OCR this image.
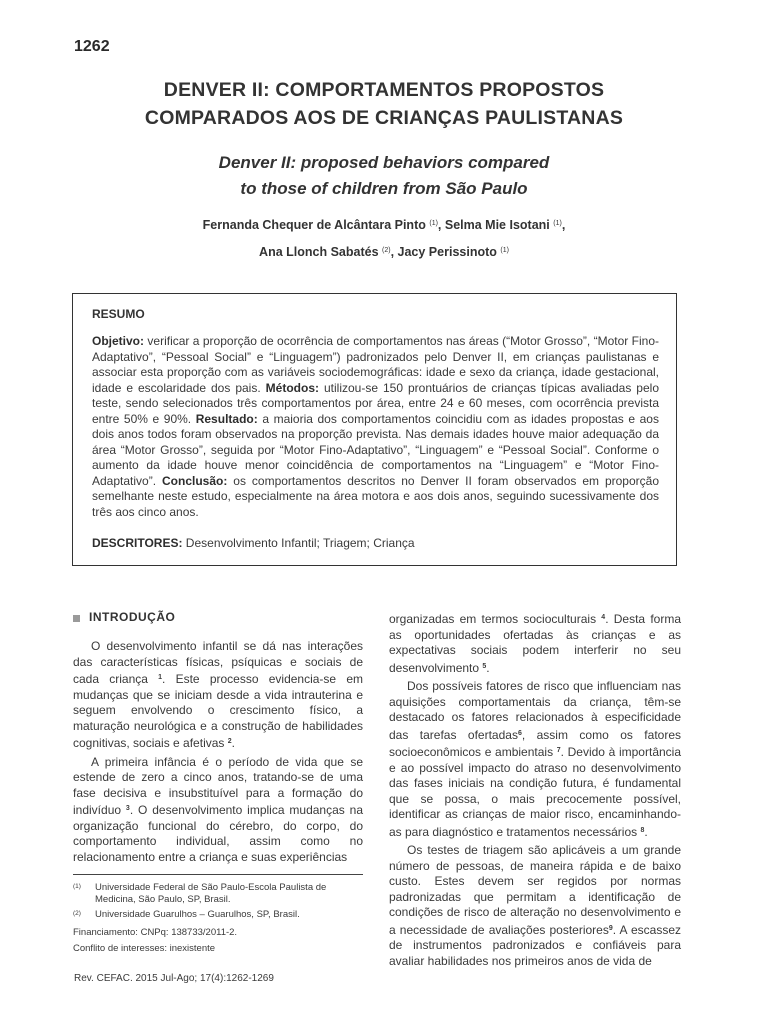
1262
DENVER II: COMPORTAMENTOS PROPOSTOS
COMPARADOS AOS DE CRIANÇAS PAULISTANAS
Denver II: proposed behaviors compared
to those of children from São Paulo
Fernanda Chequer de Alcântara Pinto $^{(1)}$, Selma Mie Isotani $^{(1)}$,
Ana Llonch Sabatés $^{(2)}$, Jacy Perissinoto $^{(1)}$
RESUMO

Objetivo: verificar a proporção de ocorrência de comportamentos nas áreas (“Motor Grosso”, “Motor Fino-Adaptativo”, “Pessoal Social” e “Linguagem”) padronizados pelo Denver II, em crianças paulistanas e associar esta proporção com as variáveis sociodemográficas: idade e sexo da criança, idade gestacional, idade e escolaridade dos pais. Métodos: utilizou-se 150 prontuários de crianças típicas avaliadas pelo teste, sendo selecionados três comportamentos por área, entre 24 e 60 meses, com ocorrência prevista entre 50% e 90%. Resultado: a maioria dos comportamentos coincidiu com as idades propostas e aos dois anos todos foram observados na proporção prevista. Nas demais idades houve maior adequação da área “Motor Grosso”, seguida por “Motor Fino-Adaptativo”, “Linguagem” e “Pessoal Social”. Conforme o aumento da idade houve menor coincidência de comportamentos na “Linguagem” e “Motor Fino-Adaptativo”. Conclusão: os comportamentos descritos no Denver II foram observados em proporção semelhante neste estudo, especialmente na área motora e aos dois anos, seguindo sucessivamente dos três aos cinco anos.

DESCRITORES: Desenvolvimento Infantil; Triagem; Criança
INTRODUÇÃO

O desenvolvimento infantil se dá nas interações das características físicas, psíquicas e sociais de cada criança $^1$. Este processo evidencia-se em mudanças que se iniciam desde a vida intrauterina e seguem envolvendo o crescimento físico, a maturação neurológica e a construção de habilidades cognitivas, sociais e afetivas $^2$.

A primeira infância é o período de vida que se estende de zero a cinco anos, tratando-se de uma fase decisiva e insubstituível para a formação do indivíduo $^3$. O desenvolvimento implica mudanças na organização funcional do cérebro, do corpo, do comportamento individual, assim como no relacionamento entre a criança e suas experiências

organizadas em termos socioculturais $^4$. Desta forma as oportunidades ofertadas às crianças e as expectativas sociais podem interferir no seu desenvolvimento $^5$.

Dos possíveis fatores de risco que influenciam nas aquisições comportamentais da criança, têm-se destacado os fatores relacionados à especificidade das tarefas ofertadas$^6$, assim como os fatores socioeconômicos e ambientais $^7$. Devido à importância e ao possível impacto do atraso no desenvolvimento das fases iniciais na condição futura, é fundamental que se possa, o mais precocemente possível, identificar as crianças de maior risco, encaminhando-as para diagnóstico e tratamentos necessários $^8$.

Os testes de triagem são aplicáveis a um grande número de pessoas, de maneira rápida e de baixo custo. Estes devem ser regidos por normas padronizadas que permitam a identificação de condições de risco de alteração no desenvolvimento e a necessidade de avaliações posteriores$^9$. A escassez de instrumentos padronizados e confiáveis para avaliar habilidades nos primeiros anos de vida de

(1)	Universidade Federal de São Paulo-Escola Paulista de Medicina, São Paulo, SP, Brasil.
(2)	Universidade Guarulhos – Guarulhos, SP, Brasil.
Financiamento: CNPq: 138733/2011-2.
Conflito de interesses: inexistente
Rev. CEFAC. 2015 Jul-Ago; 17(4):1262-1269
